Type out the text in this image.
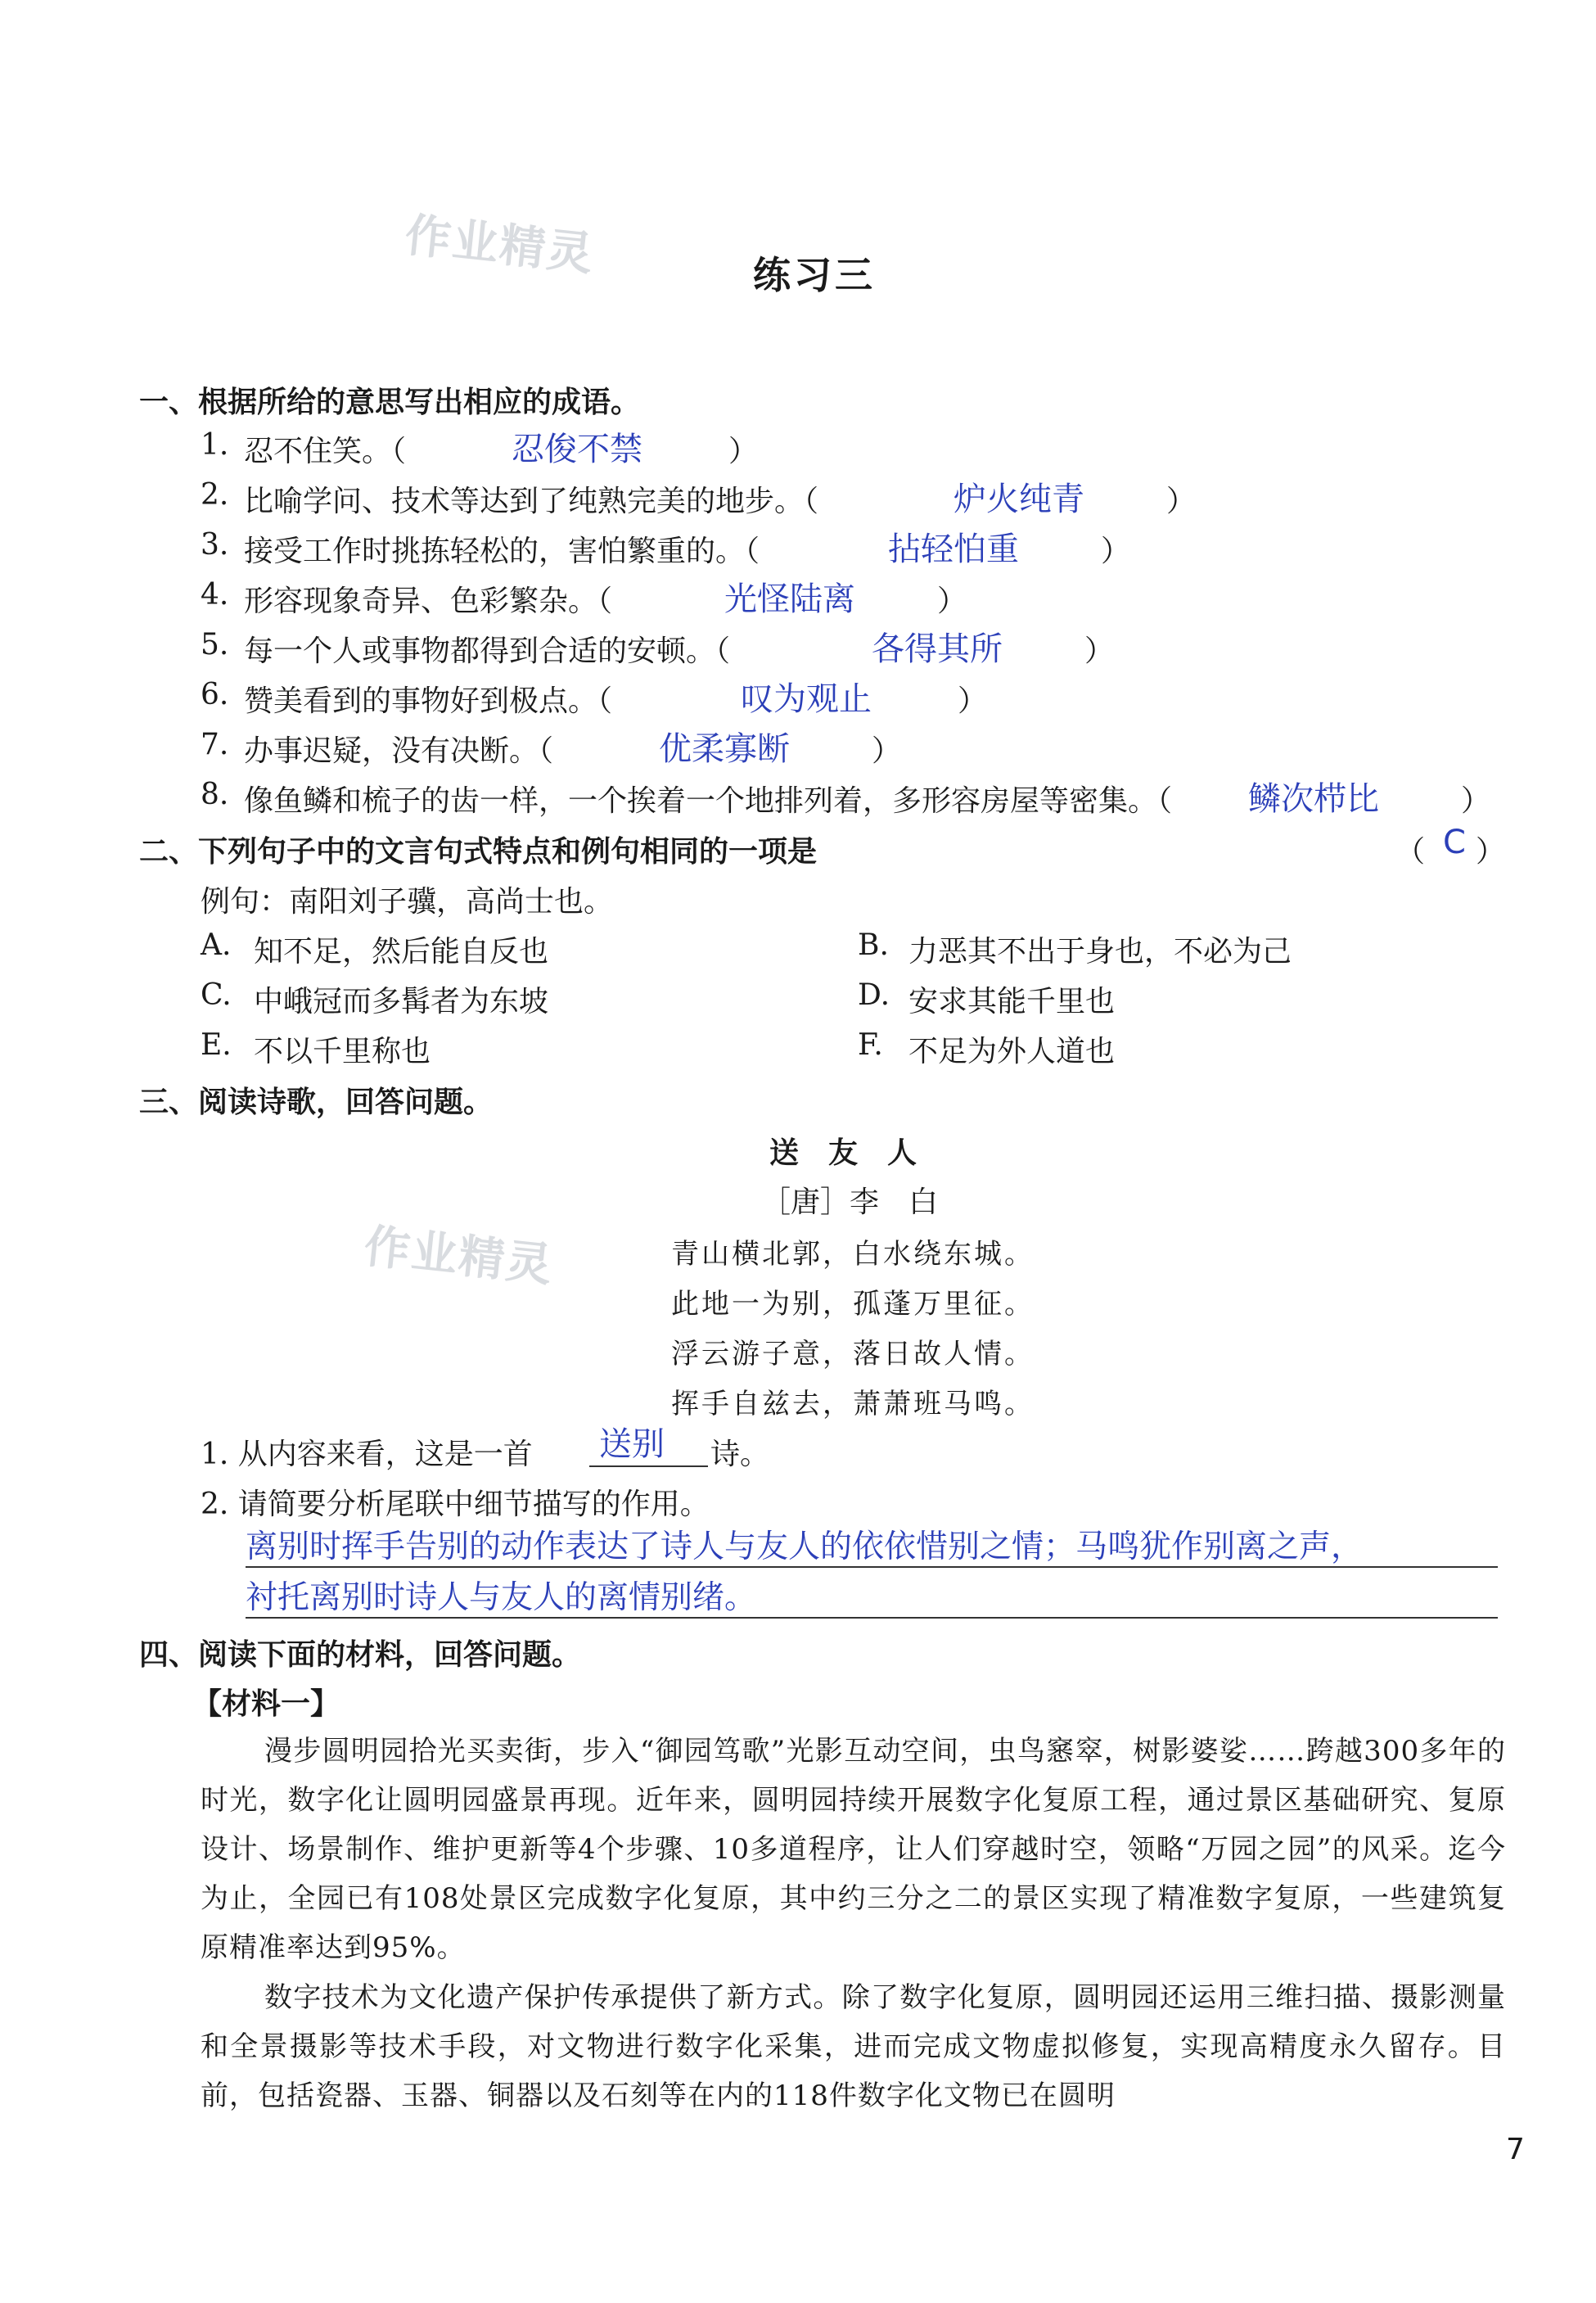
作业精灵
作业精灵
练习三
一、根据所给的意思写出相应的成语。
1. 忍不住笑。（	忍俊不禁	）
2. 比喻学问、技术等达到了纯熟完美的地步。（	炉火纯青	）
3. 接受工作时挑拣轻松的，害怕繁重的。（	拈轻怕重	）
4. 形容现象奇异、色彩繁杂。（	光怪陆离	）
5. 每一个人或事物都得到合适的安顿。（	各得其所	）
6. 赞美看到的事物好到极点。（	叹为观止	）
7. 办事迟疑，没有决断。（	优柔寡断	）
8. 像鱼鳞和梳子的齿一样，一个挨着一个地排列着，多形容房屋等密集。（ 鳞次栉比	）
二、下列句子中的文言句式特点和例句相同的一项是	（ C ）
例句：南阳刘子骥，高尚士也。
A. 知不足，然后能自反也	B. 力恶其不出于身也，不必为己
C. 中峨冠而多髯者为东坡	D. 安求其能千里也
E. 不以千里称也	F. 不足为外人道也
三、阅读诗歌，回答问题。
送　友　人
［唐］李　白
青山横北郭，白水绕东城。
此地一为别，孤蓬万里征。
浮云游子意，落日故人情。
挥手自兹去，萧萧班马鸣。
1. 从内容来看，这是一首 送别 诗。
2. 请简要分析尾联中细节描写的作用。
离别时挥手告别的动作表达了诗人与友人的依依惜别之情；马鸣犹作别离之声，
衬托离别时诗人与友人的离情别绪。
四、阅读下面的材料，回答问题。
【材料一】
漫步圆明园拾光买卖街，步入“御园笃歌”光影互动空间，虫鸟窸窣，树影婆娑……跨越300多年的时光，数字化让圆明园盛景再现。近年来，圆明园持续开展数字化复原工程，通过景区基础研究、复原设计、场景制作、维护更新等4个步骤、10多道程序，让人们穿越时空，领略“万园之园”的风采。迄今为止，全园已有108处景区完成数字化复原，其中约三分之二的景区实现了精准数字复原，一些建筑复原精准率达到95%。
数字技术为文化遗产保护传承提供了新方式。除了数字化复原，圆明园还运用三维扫描、摄影测量和全景摄影等技术手段，对文物进行数字化采集，进而完成文物虚拟修复，实现高精度永久留存。目前，包括瓷器、玉器、铜器以及石刻等在内的118件数字化文物已在圆明
7
